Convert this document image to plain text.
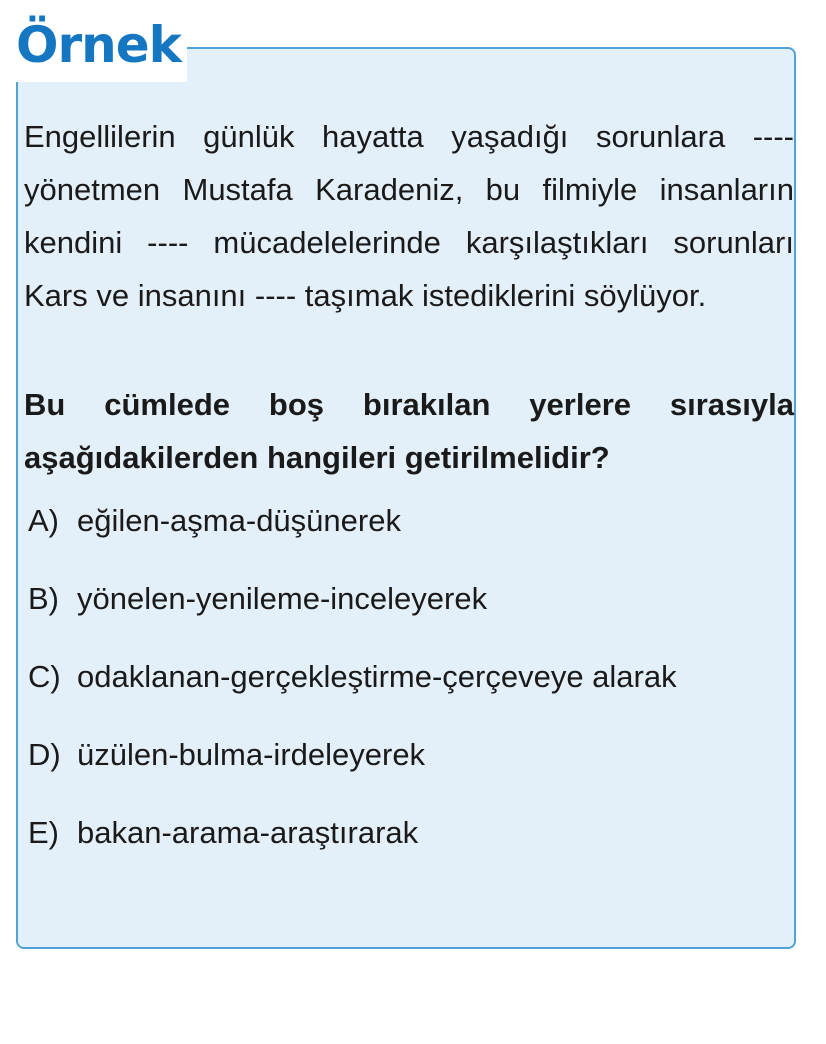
Örnek

Engellilerin günlük hayatta yaşadığı sorunlara ---- yönetmen Mustafa Karadeniz, bu filmiyle insanların kendini ---- mücadelelerinde karşılaştıkları sorunları Kars ve insanını ---- taşımak istediklerini söylüyor.

Bu cümlede boş bırakılan yerlere sırasıyla aşağıdakilerden hangileri getirilmelidir?

A) eğilen-aşma-düşünerek
B) yönelen-yenileme-inceleyerek
C) odaklanan-gerçekleştirme-çerçeveye alarak
D) üzülen-bulma-irdeleyerek
E) bakan-arama-araştırarak
